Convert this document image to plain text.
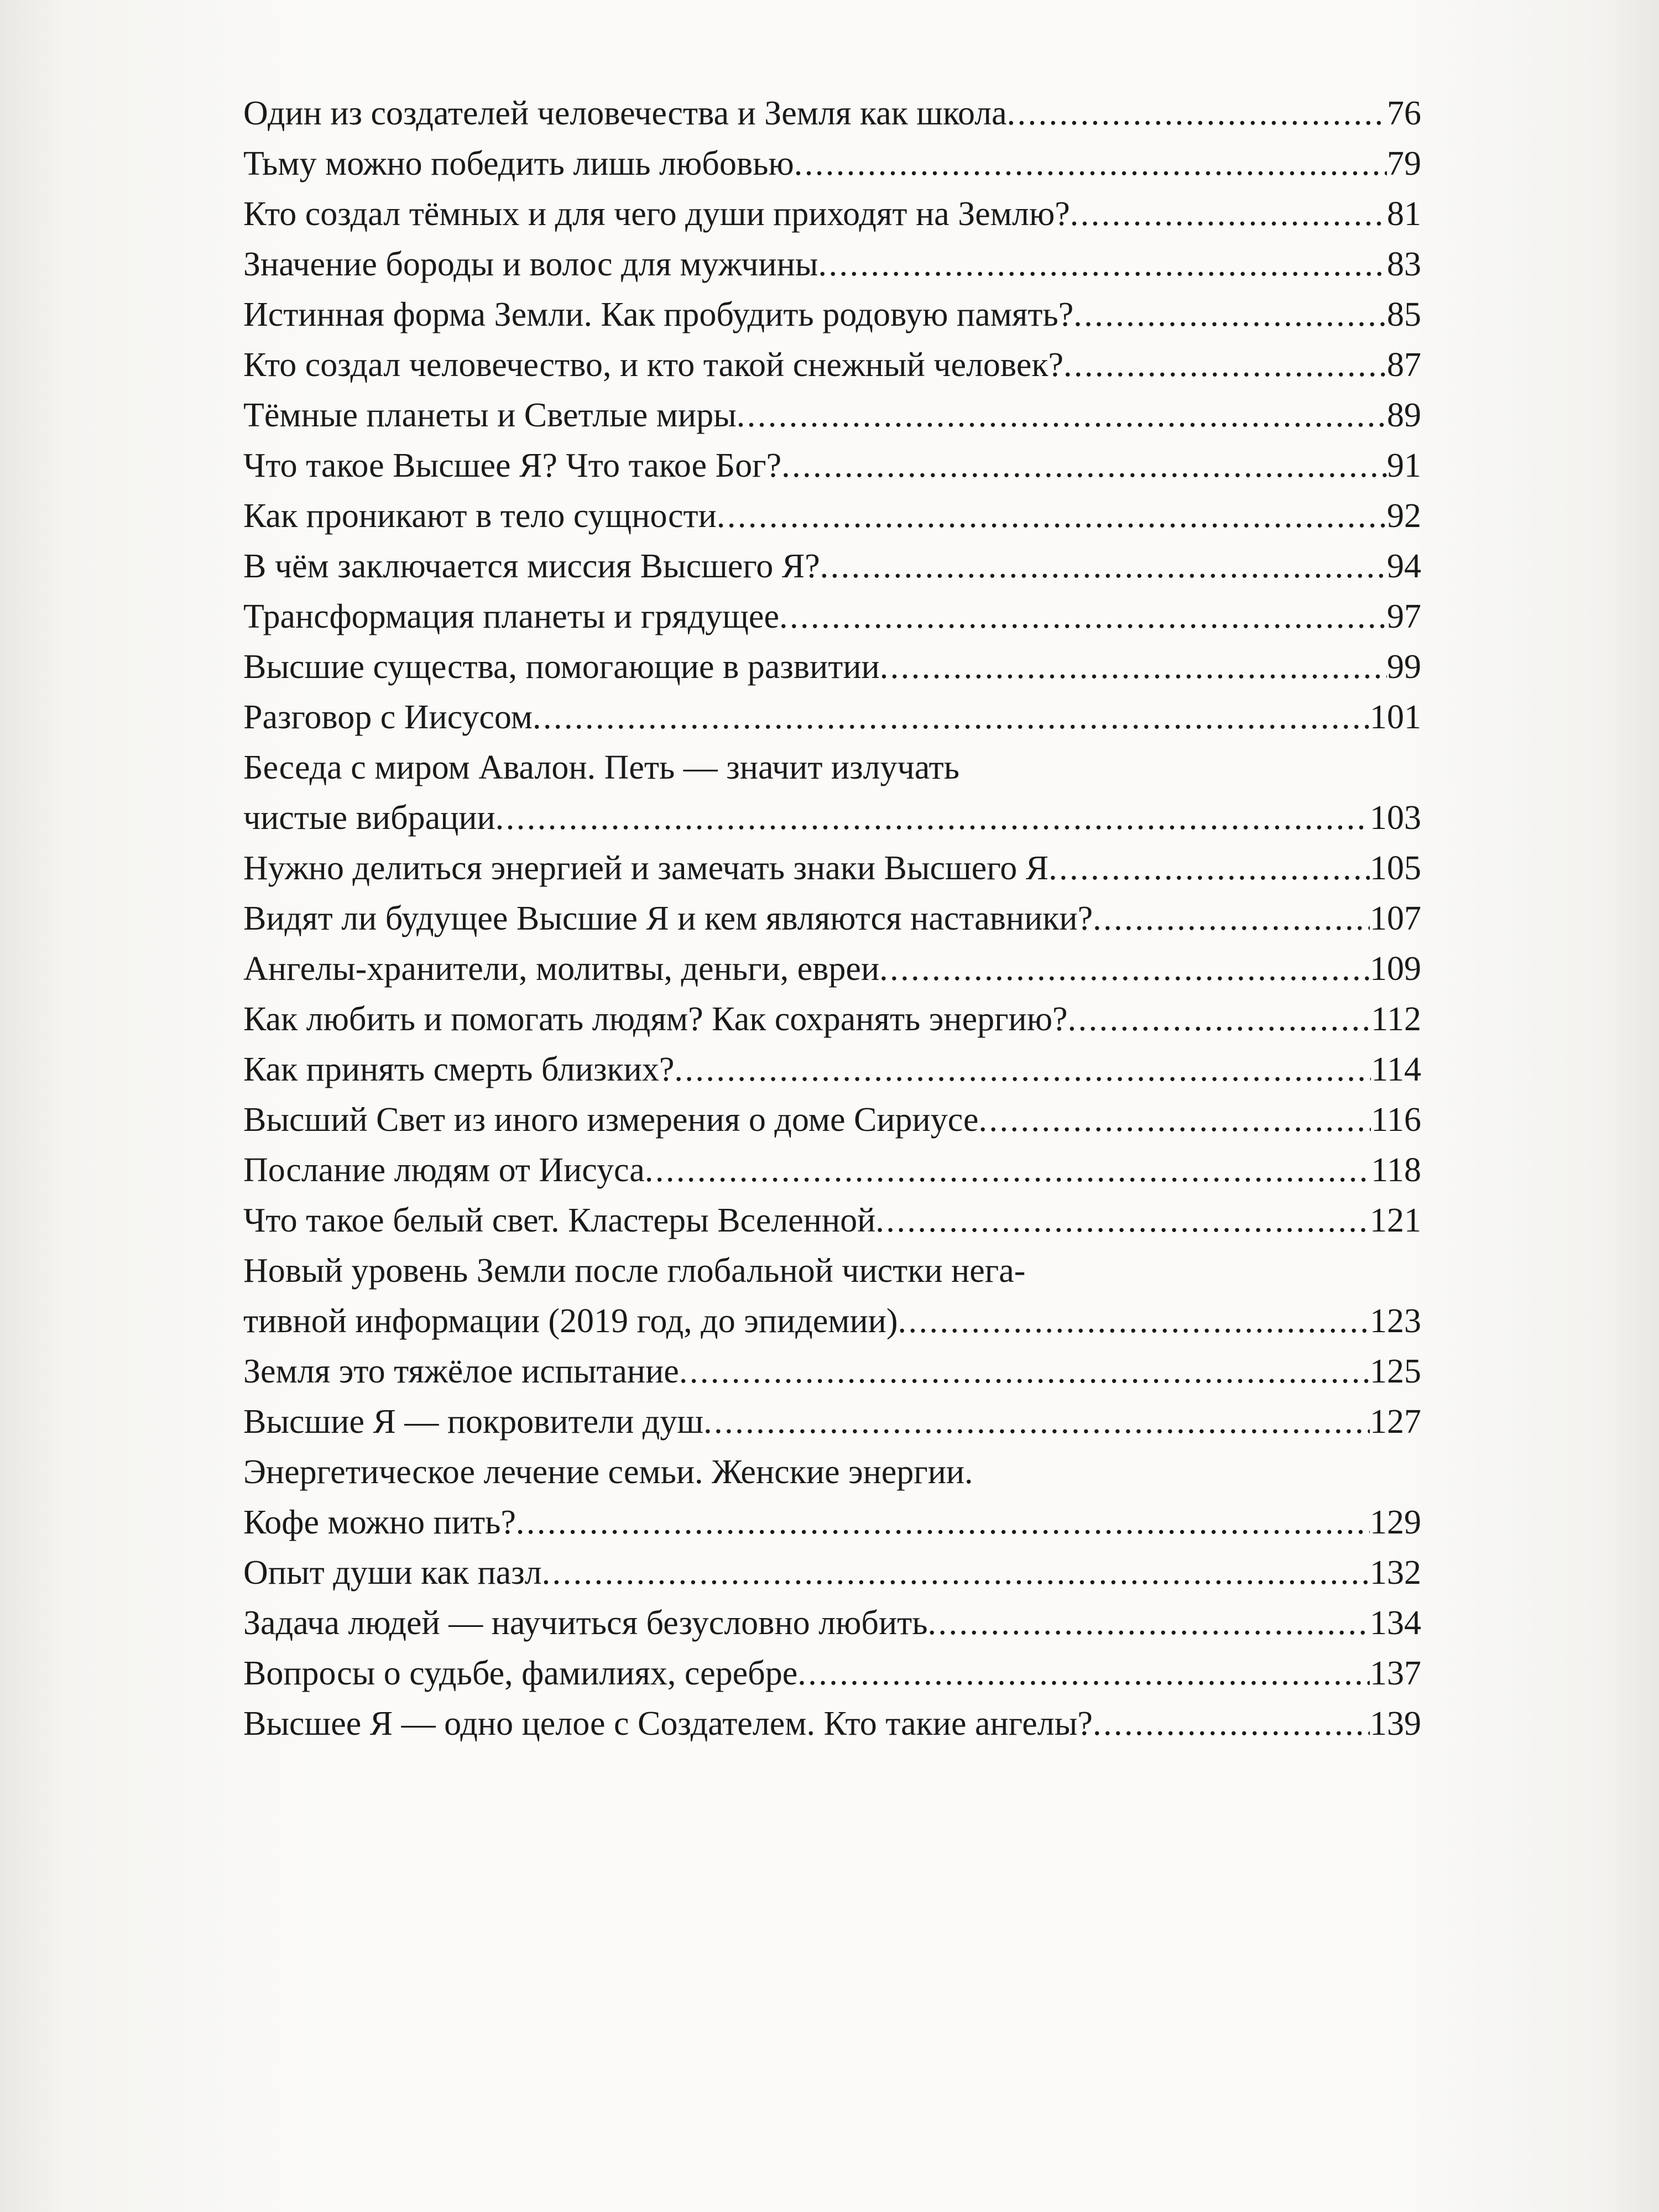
Один из создателей человечества и Земля как школа . . .	76
Тьму можно победить лишь любовью . . .	79
Кто создал тёмных и для чего души приходят на Землю? . . .	81
Значение бороды и волос для мужчины . . .	83
Истинная форма Земли. Как пробудить родовую память? . . .	85
Кто создал человечество, и кто такой снежный человек? . . .	87
Тёмные планеты и Светлые миры . . .	89
Что такое Высшее Я? Что такое Бог? . . .	91
Как проникают в тело сущности . . .	92
В чём заключается миссия Высшего Я? . . .	94
Трансформация планеты и грядущее . . .	97
Высшие существа, помогающие в развитии . . .	99
Разговор с Иисусом . . .	101
Беседа с миром Авалон. Петь — значит излучать
чистые вибрации . . .	103
Нужно делиться энергией и замечать знаки Высшего Я . . .	105
Видят ли будущее Высшие Я и кем являются наставники? . . .	107
Ангелы-хранители, молитвы, деньги, евреи . . .	109
Как любить и помогать людям? Как сохранять энергию? . . .	112
Как принять смерть близких? . . .	114
Высший Свет из иного измерения о доме Сириусе . . .	116
Послание людям от Иисуса . . .	118
Что такое белый свет. Кластеры Вселенной . . .	121
Новый уровень Земли после глобальной чистки нега-
тивной информации (2019 год, до эпидемии) . . .	123
Земля это тяжёлое испытание . . .	125
Высшие Я — покровители душ . . .	127
Энергетическое лечение семьи. Женские энергии.
Кофе можно пить? . . .	129
Опыт души как пазл . . .	132
Задача людей — научиться безусловно любить . . .	134
Вопросы о судьбе, фамилиях, серебре . . .	137
Высшее Я — одно целое с Создателем. Кто такие ангелы? . . .	139
